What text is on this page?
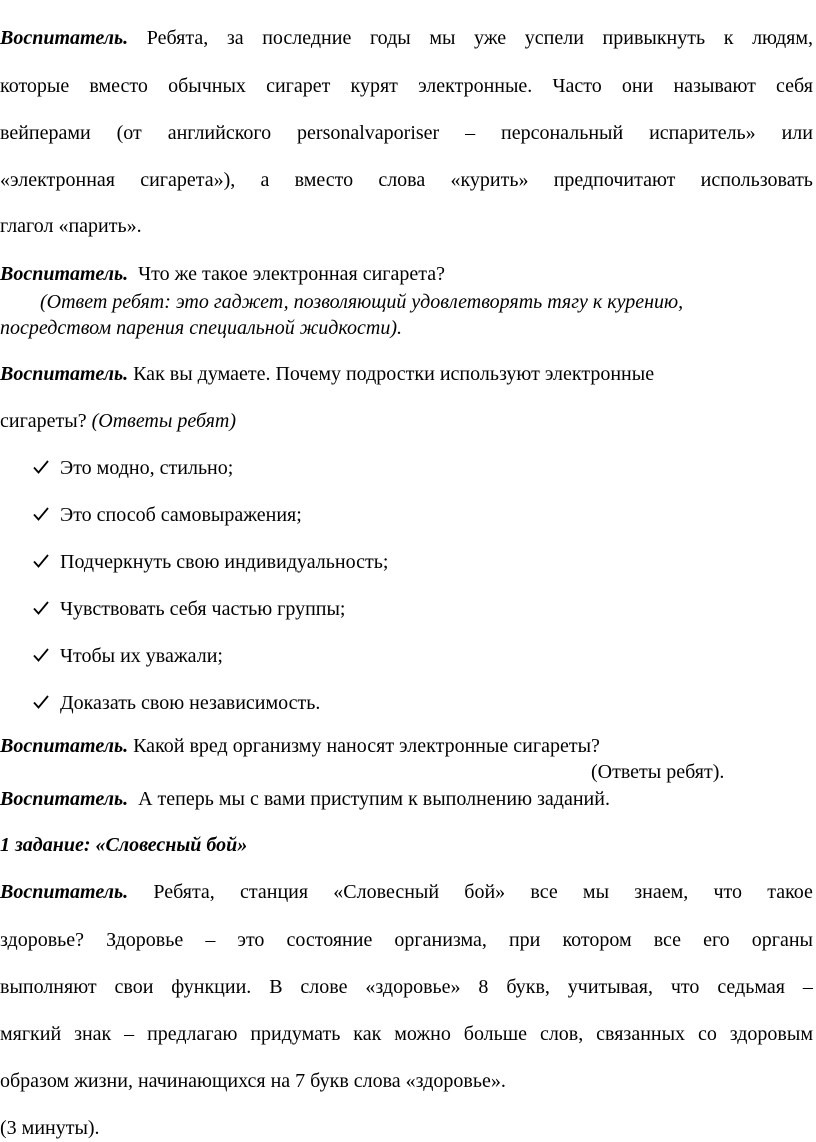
Воспитатель. Ребята, за последние годы мы уже успели привыкнуть к людям,
которые вместо обычных сигарет курят электронные. Часто они называют себя
вейперами (от английского personalvaporiser – персональный испаритель» или
«электронная сигарета»), а вместо слова «курить» предпочитают использовать
глагол «парить».
Воспитатель. Что же такое электронная сигарета?
(Ответ ребят: это гаджет, позволяющий удовлетворять тягу к курению,
посредством парения специальной жидкости).
Воспитатель. Как вы думаете. Почему подростки используют электронные
сигареты? (Ответы ребят)
Это модно, стильно;
Это способ самовыражения;
Подчеркнуть свою индивидуальность;
Чувствовать себя частью группы;
Чтобы их уважали;
Доказать свою независимость.
Воспитатель. Какой вред организму наносят электронные сигареты?
(Ответы ребят).
Воспитатель. А теперь мы с вами приступим к выполнению заданий.
1 задание: «Словесный бой»
Воспитатель. Ребята, станция «Словесный бой» все мы знаем, что такое
здоровье? Здоровье – это состояние организма, при котором все его органы
выполняют свои функции. В слове «здоровье» 8 букв, учитывая, что седьмая –
мягкий знак – предлагаю придумать как можно больше слов, связанных со здоровым
образом жизни, начинающихся на 7 букв слова «здоровье».
(3 минуты).
